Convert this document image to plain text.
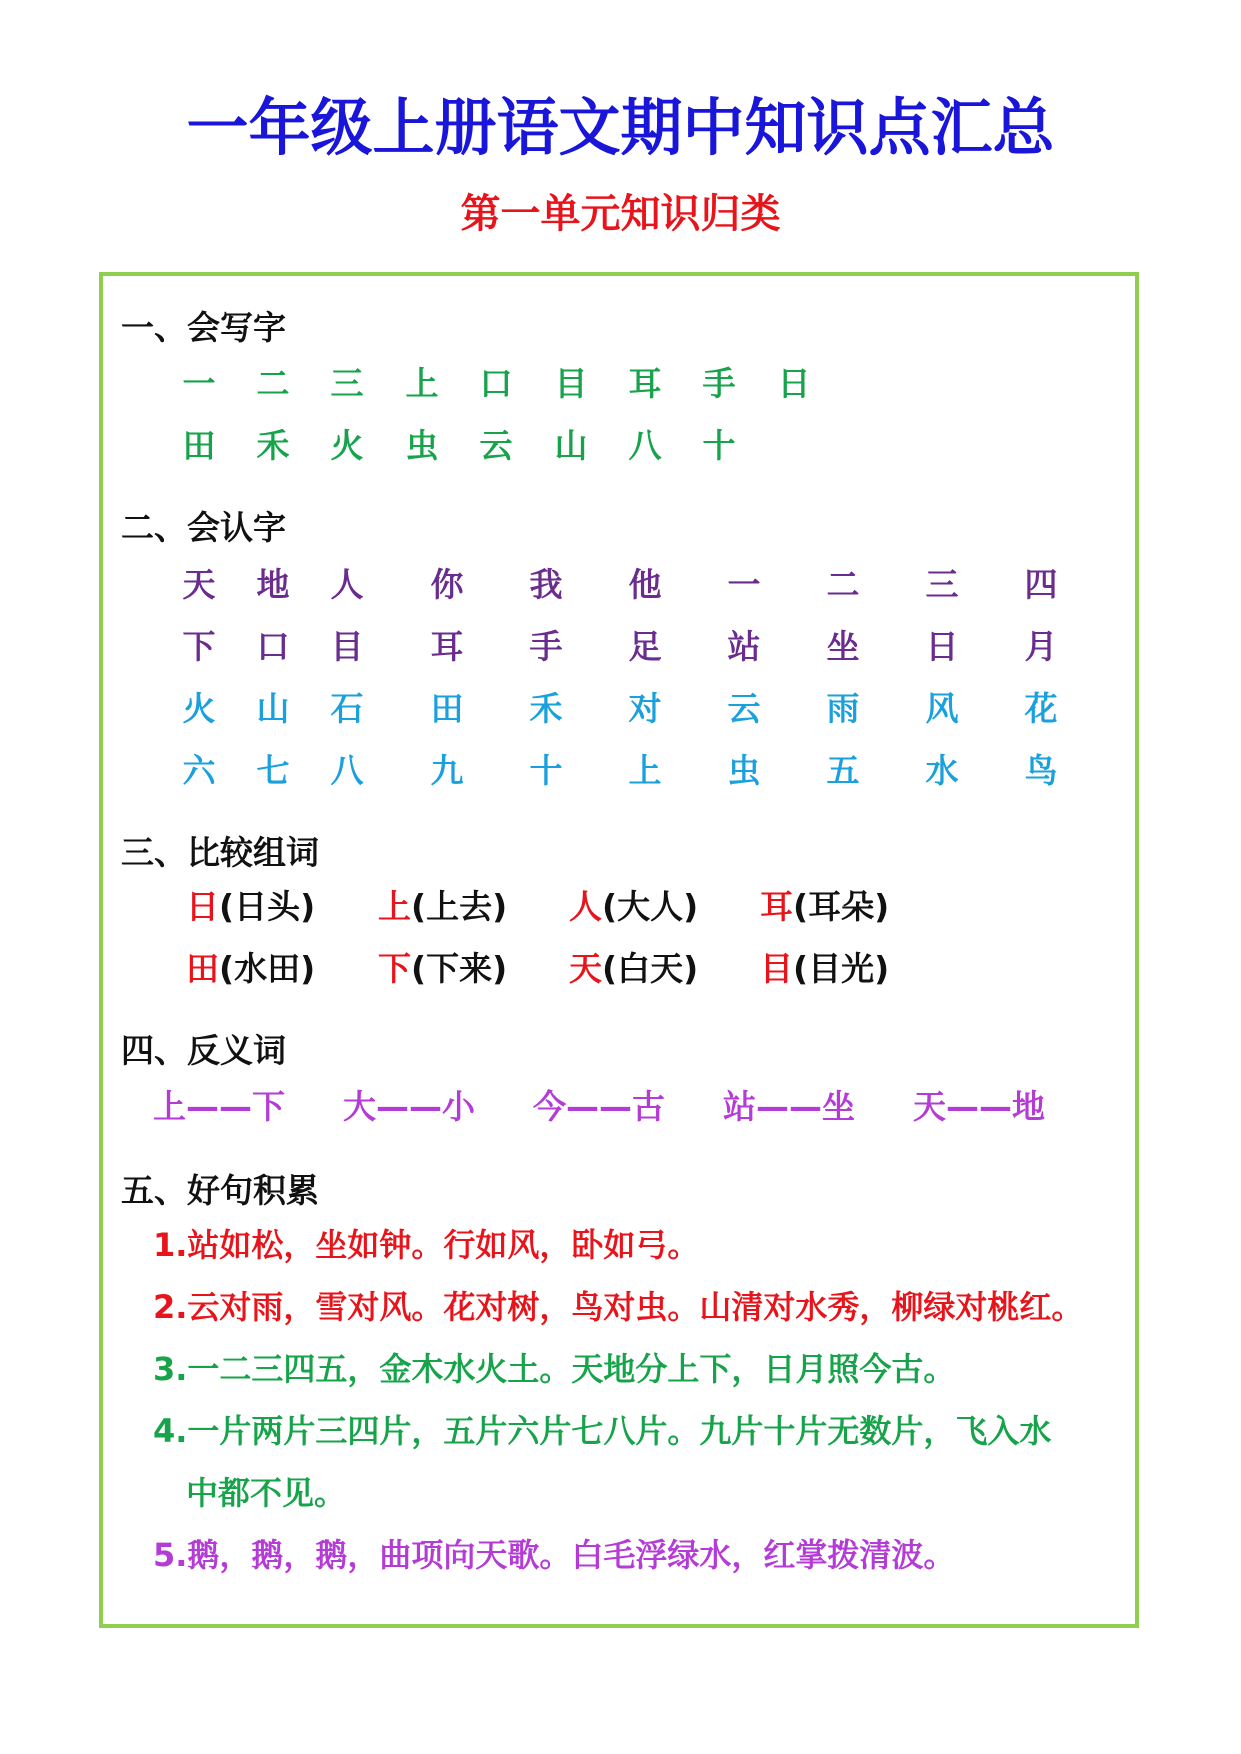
一年级上册语文期中知识点汇总
第一单元知识归类
一、会写字
一	二	三	上	口	目	耳	手	日
田	禾	火	虫	云	山	八	十
二、会认字
天	地	人	你	我	他	一	二	三	四
下	口	目	耳	手	足	站	坐	日	月
火	山	石	田	禾	对	云	雨	风	花
六	七	八	九	十	上	虫	五	水	鸟
三、比较组词
日(日头) 上(上去) 人(大人) 耳(耳朵)
田(水田) 下(下来) 天(白天) 目(目光)
四、反义词
上——下 大——小 今——古 站——坐 天——地
五、好句积累
1.站如松，坐如钟。行如风，卧如弓。
2.云对雨，雪对风。花对树，鸟对虫。山清对水秀，柳绿对桃红。
3.一二三四五，金木水火土。天地分上下，日月照今古。
4.一片两片三四片，五片六片七八片。九片十片无数片，飞入水
中都不见。
5.鹅，鹅，鹅，曲项向天歌。白毛浮绿水，红掌拨清波。
